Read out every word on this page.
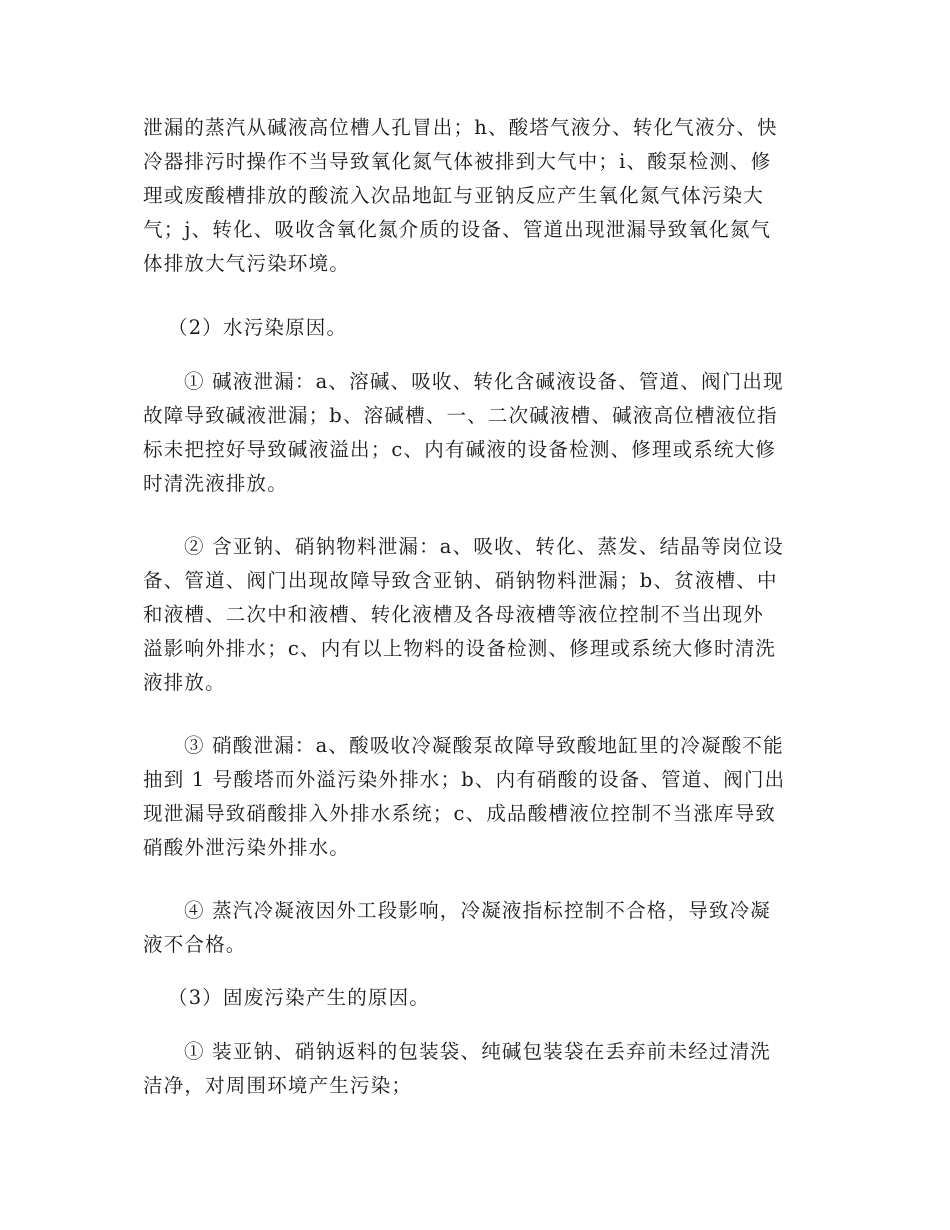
泄漏的蒸汽从碱液高位槽人孔冒出；h、酸塔气液分、转化气液分、快
冷器排污时操作不当导致氧化氮气体被排到大气中；i、酸泵检测、修
理或废酸槽排放的酸流入次品地缸与亚钠反应产生氧化氮气体污染大
气；j、转化、吸收含氧化氮介质的设备、管道出现泄漏导致氧化氮气
体排放大气污染环境。
（2）水污染原因。
① 碱液泄漏：a、溶碱、吸收、转化含碱液设备、管道、阀门出现
故障导致碱液泄漏；b、溶碱槽、一、二次碱液槽、碱液高位槽液位指
标未把控好导致碱液溢出；c、内有碱液的设备检测、修理或系统大修
时清洗液排放。
② 含亚钠、硝钠物料泄漏：a、吸收、转化、蒸发、结晶等岗位设
备、管道、阀门出现故障导致含亚钠、硝钠物料泄漏；b、贫液槽、中
和液槽、二次中和液槽、转化液槽及各母液槽等液位控制不当出现外
溢影响外排水；c、内有以上物料的设备检测、修理或系统大修时清洗
液排放。
③ 硝酸泄漏：a、酸吸收冷凝酸泵故障导致酸地缸里的冷凝酸不能
抽到 1 号酸塔而外溢污染外排水；b、内有硝酸的设备、管道、阀门出
现泄漏导致硝酸排入外排水系统；c、成品酸槽液位控制不当涨库导致
硝酸外泄污染外排水。
④ 蒸汽冷凝液因外工段影响，冷凝液指标控制不合格，导致冷凝
液不合格。
（3）固废污染产生的原因。
① 装亚钠、硝钠返料的包装袋、纯碱包装袋在丢弃前未经过清洗
洁净，对周围环境产生污染；
